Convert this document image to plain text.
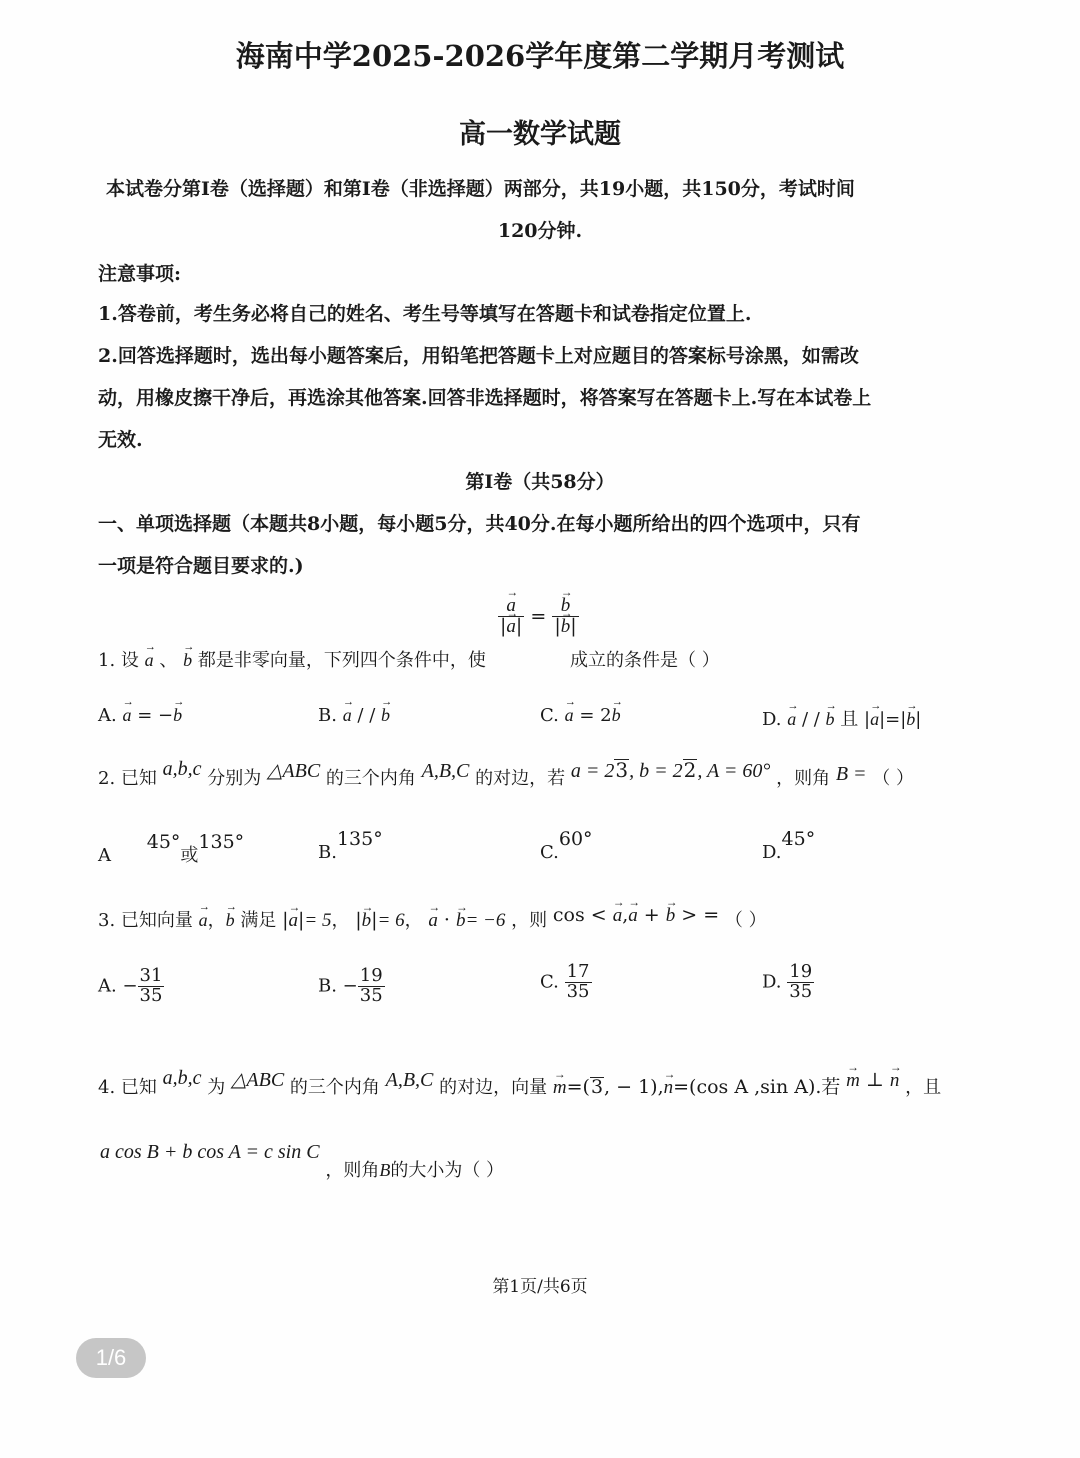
海南中学2025-2026学年度第二学期月考测试
高一数学试题
本试卷分第Ⅰ卷（选择题）和第Ⅰ卷（非选择题）两部分，共19小题，共150分，考试时间
120分钟.
注意事项:
1.答卷前，考生务必将自己的姓名、考生号等填写在答题卡和试卷指定位置上.
2.回答选择题时，选出每小题答案后，用铅笔把答题卡上对应题目的答案标号涂黑，如需改
动，用橡皮擦干净后，再选涂其他答案.回答非选择题时，将答案写在答题卡上.写在本试卷上
无效.
第Ⅰ卷（共58分）
一、单项选择题（本题共8小题，每小题5分，共40分.在每小题所给出的四个选项中，只有
一项是符合题目要求的.)
1. 设 → a 、 → b 都是非零向量，下列四个条件中，使
→ $\frac{a}{|\to a|}$ = → $\frac{b}{|\to b|}$
成立的条件是（ ）
A. → a = −→ b	B. → a / / → b	C. → a = 2→ b	D. → a / / → b 且 |→ a|=|→ b|
2. 已知 a,b,c 分别为 △ABC 的三个内角 A,B,C 的对边，若 a = 23, b = 22, A = 60° ，则角 B = （ ）
A 45°或135°	B.135°
C.60°
D.45°
3. 已知向量 → a，→ b 满足 |→ a|= 5， |→ b|= 6， → a · → b= −6 ，则 cos < → a,→ a + → b > = （ ）
A. − $\frac{31}{35}$	B. − $\frac{19}{35}$	C. $\frac{17}{35}$	D. $\frac{19}{35}$
4. 已知 a,b,c 为 △ABC 的三个内角 A,B,C 的对边，向量 → m=(3, − 1),→ n=(cos A ,sin A).若 → m ⊥ → n ，且
a cos B + b cos A = c sin C ，则角B的大小为（ ）
第1页/共6页
1/6
